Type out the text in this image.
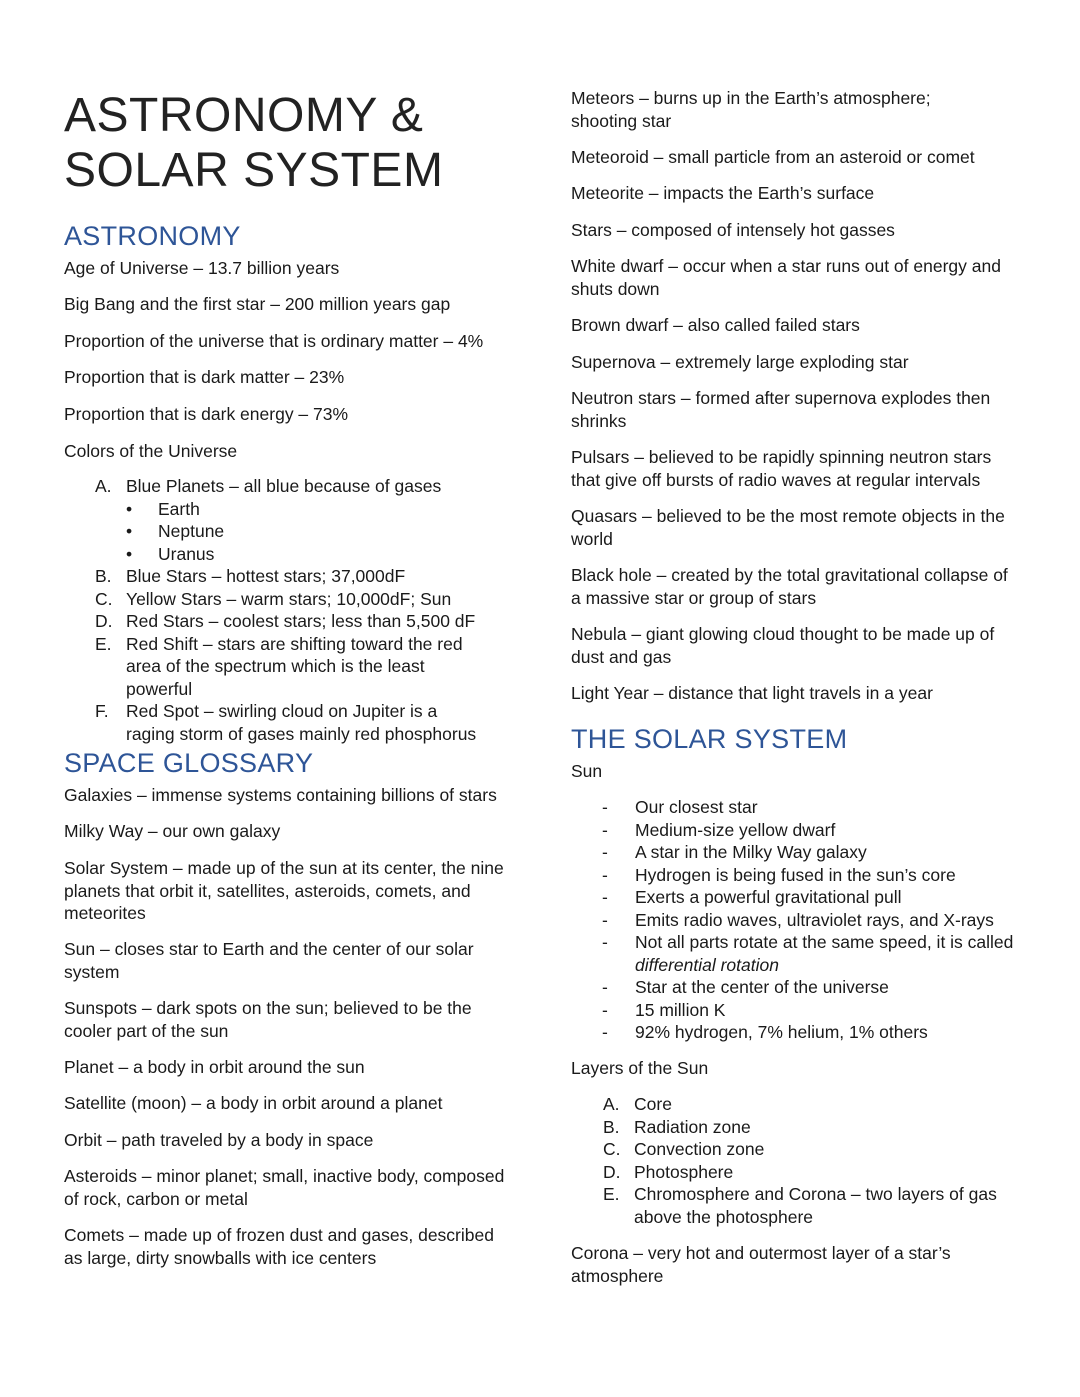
ASTRONOMY & SOLAR SYSTEM
ASTRONOMY

Age of Universe – 13.7 billion years

Big Bang and the first star – 200 million years gap

Proportion of the universe that is ordinary matter – 4%

Proportion that is dark matter – 23%

Proportion that is dark energy – 73%

Colors of the Universe

A. Blue Planets – all blue because of gases
• Earth
• Neptune
• Uranus
B. Blue Stars – hottest stars; 37,000dF
C. Yellow Stars – warm stars; 10,000dF; Sun
D. Red Stars – coolest stars; less than 5,500 dF
E. Red Shift – stars are shifting toward the red area of the spectrum which is the least powerful
F. Red Spot – swirling cloud on Jupiter is a raging storm of gases mainly red phosphorus
SPACE GLOSSARY

Galaxies – immense systems containing billions of stars

Milky Way – our own galaxy

Solar System – made up of the sun at its center, the nine planets that orbit it, satellites, asteroids, comets, and meteorites

Sun – closes star to Earth and the center of our solar system

Sunspots – dark spots on the sun; believed to be the cooler part of the sun

Planet – a body in orbit around the sun

Satellite (moon) – a body in orbit around a planet

Orbit – path traveled by a body in space

Asteroids – minor planet; small, inactive body, composed of rock, carbon or metal

Comets – made up of frozen dust and gases, described as large, dirty snowballs with ice centers

Meteors – burns up in the Earth’s atmosphere; shooting star

Meteoroid – small particle from an asteroid or comet

Meteorite – impacts the Earth’s surface

Stars – composed of intensely hot gasses

White dwarf – occur when a star runs out of energy and shuts down

Brown dwarf – also called failed stars

Supernova – extremely large exploding star

Neutron stars – formed after supernova explodes then shrinks

Pulsars – believed to be rapidly spinning neutron stars that give off bursts of radio waves at regular intervals

Quasars – believed to be the most remote objects in the world

Black hole – created by the total gravitational collapse of a massive star or group of stars

Nebula – giant glowing cloud thought to be made up of dust and gas

Light Year – distance that light travels in a year

THE SOLAR SYSTEM

Sun

- Our closest star
- Medium-size yellow dwarf
- A star in the Milky Way galaxy
- Hydrogen is being fused in the sun’s core
- Exerts a powerful gravitational pull
- Emits radio waves, ultraviolet rays, and X-rays
- Not all parts rotate at the same speed, it is called
differential rotation
- Star at the center of the universe
- 15 million K
- 92% hydrogen, 7% helium, 1% others

Layers of the Sun

A. Core
B. Radiation zone
C. Convection zone
D. Photosphere
E. Chromosphere and Corona – two layers of gas above the photosphere

Corona – very hot and outermost layer of a star’s atmosphere
